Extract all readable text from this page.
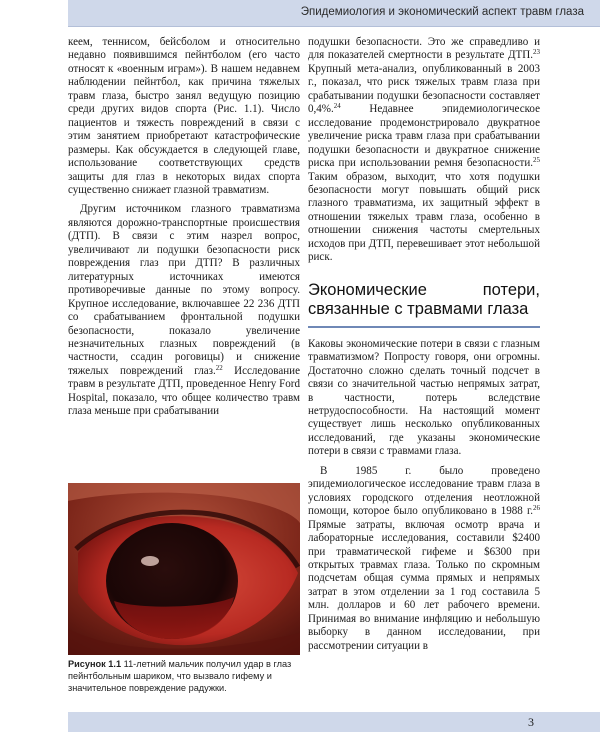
Эпидемиология и экономический аспект травм глаза

кеем, теннисом, бейсболом и относительно недавно появившимся пейнтболом (его часто относят к «военным играм»). В нашем недавнем наблюдении пейнтбол, как причина тяжелых травм глаза, быстро занял ведущую позицию среди других видов спорта (Рис. 1.1). Число пациентов и тяжесть повреждений в связи с этим занятием приобретают катастрофические размеры. Как обсуждается в следующей главе, использование соответствующих средств защиты для глаз в некоторых видах спорта существенно снижает глазной травматизм.

Другим источником глазного травматизма являются дорожно-транспортные происшествия (ДТП). В связи с этим назрел вопрос, увеличивают ли подушки безопасности риск повреждения глаз при ДТП? В различных литературных источниках имеются противоречивые данные по этому вопросу. Крупное исследование, включавшее 22 236 ДТП со срабатыванием фронтальной подушки безопасности, показало увеличение незначительных глазных повреждений (в частности, ссадин роговицы) и снижение тяжелых повреждений глаз.$^{22}$ Исследование травм в результате ДТП, проведенное Henry Ford Hospital, показало, что общее количество травм глаза меньше при срабатывании

подушки безопасности. Это же справедливо и для показателей смертности в результате ДТП.$^{23}$ Крупный мета-анализ, опубликованный в 2003 г., показал, что риск тяжелых травм глаза при срабатывании подушки безопасности составляет 0,4%.$^{24}$ Недавнее эпидемиологическое исследование продемонстрировало двукратное увеличение риска травм глаза при срабатывании подушки безопасности и двукратное снижение риска при использовании ремня безопасности.$^{25}$ Таким образом, выходит, что хотя подушки безопасности могут повышать общий риск глазного травматизма, их защитный эффект в отношении тяжелых травм глаза, особенно в отношении снижения частоты смертельных исходов при ДТП, перевешивает этот небольшой риск.

Экономические потери, связанные с травмами глаза

Каковы экономические потери в связи с глазным травматизмом? Попросту говоря, они огромны. Достаточно сложно сделать точный подсчет в связи со значительной частью непрямых затрат, в частности, потерь вследствие нетрудоспособности. На настоящий момент существует лишь несколько опубликованных исследований, где указаны экономические потери в связи с травмами глаза.

В 1985 г. было проведено эпидемиологическое исследование травм глаза в условиях городского отделения неотложной помощи, которое было опубликовано в 1988 г.$^{26}$ Прямые затраты, включая осмотр врача и лабораторные исследования, составили $2400 при травматической гифеме и $6300 при открытых травмах глаза. Только по скромным подсчетам общая сумма прямых и непрямых затрат в этом отделении за 1 год составила 5 млн. долларов и 60 лет рабочего времени. Принимая во внимание инфляцию и небольшую выборку в данном исследовании, при рассмотрении ситуации в

Рисунок 1.1 11-летний мальчик получил удар в глаз пейнтбольным шариком, что вызвало гифему и значительное повреждение радужки.
3
